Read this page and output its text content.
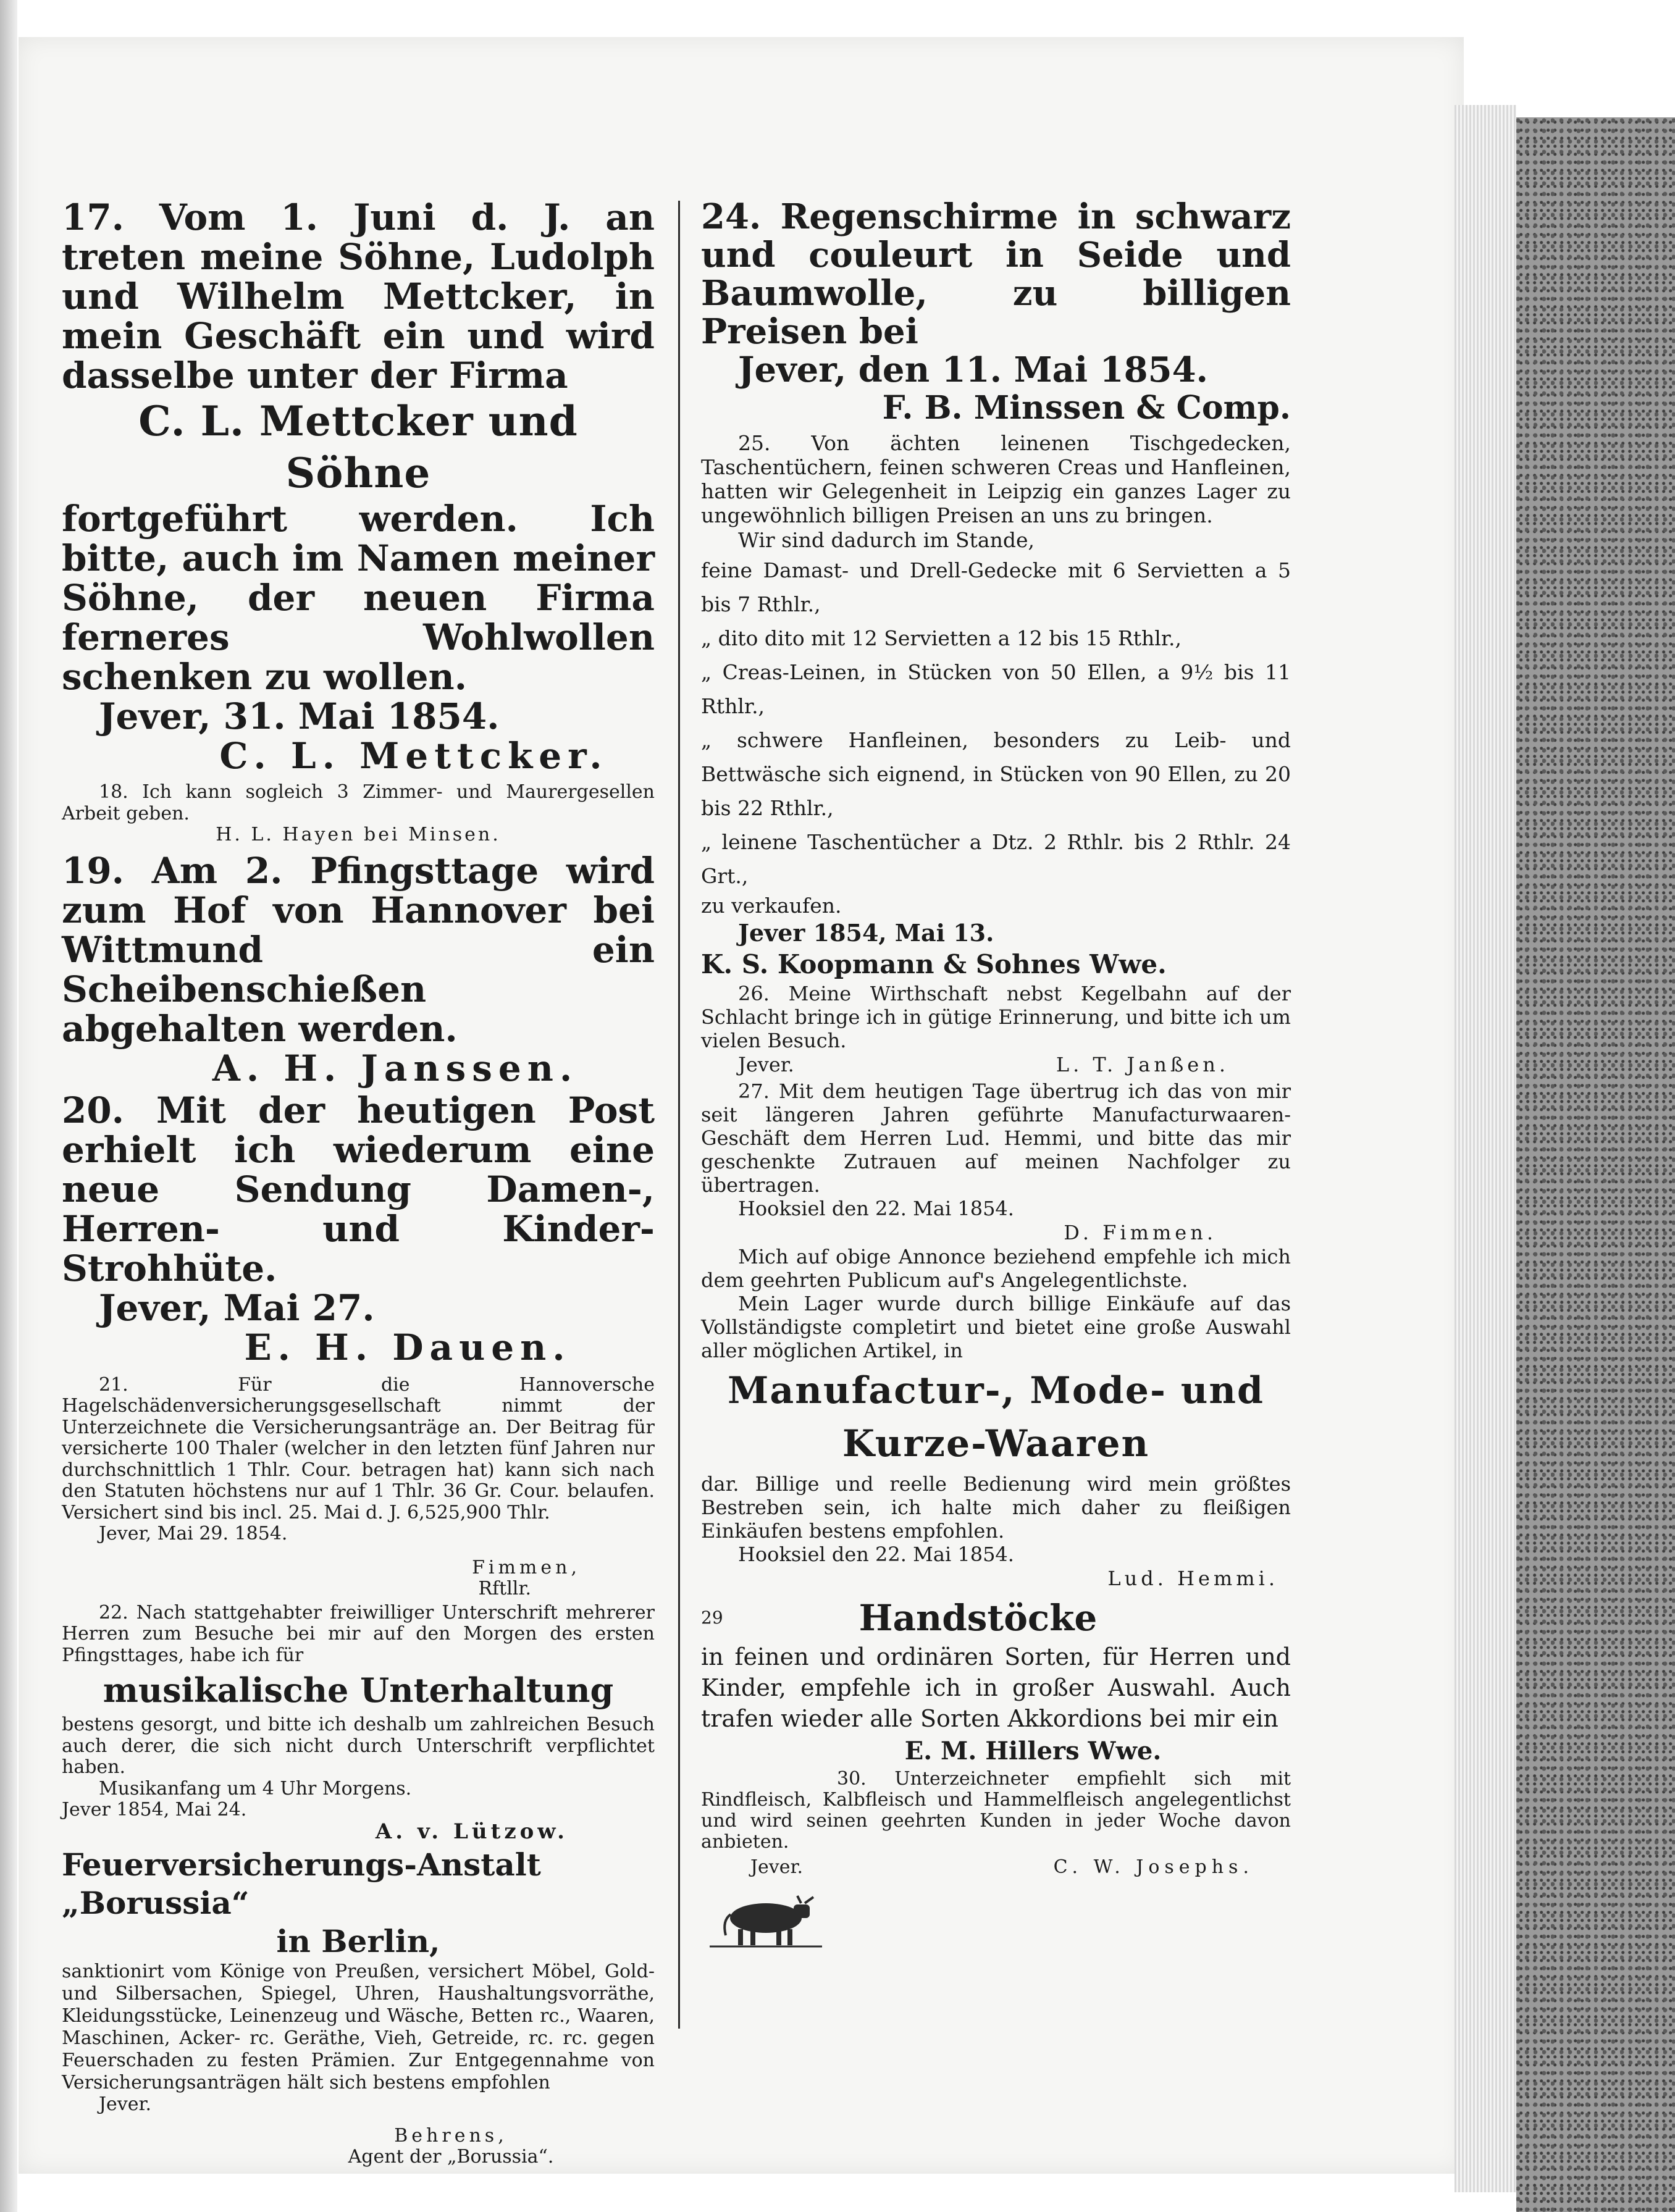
17. Vom 1. Juni d. J. an treten meine Söhne, Ludolph und Wilhelm Mettcker, in mein Geschäft ein und wird dasselbe unter der Firma

C. L. Mettcker und Söhne

fortgeführt werden. Ich bitte, auch im Namen meiner Söhne, der neuen Firma ferneres Wohlwollen schenken zu wollen.

Jever, 31. Mai 1854.

C. L. Mettcker.

18. Ich kann sogleich 3 Zimmer- und Maurergesellen Arbeit geben.

H. L. Hayen bei Minsen.

19. Am 2. Pfingsttage wird zum Hof von Hannover bei Wittmund ein Scheibenschießen abgehalten werden.

A. H. Janssen.

20. Mit der heutigen Post erhielt ich wiederum eine neue Sendung Damen-, Herren- und Kinder-Strohhüte.

Jever, Mai 27.

E. H. Dauen.

21. Für die Hannoversche Hagelschädenversicherungsgesellschaft nimmt der Unterzeichnete die Versicherungsanträge an. Der Beitrag für versicherte 100 Thaler (welcher in den letzten fünf Jahren nur durchschnittlich 1 Thlr. Cour. betragen hat) kann sich nach den Statuten höchstens nur auf 1 Thlr. 36 Gr. Cour. belaufen. Versichert sind bis incl. 25. Mai d. J. 6,525,900 Thlr.

Jever, Mai 29. 1854.

Fimmen,

Rftllr.

22. Nach stattgehabter freiwilliger Unterschrift mehrerer Herren zum Besuche bei mir auf den Morgen des ersten Pfingsttages, habe ich für

musikalische Unterhaltung

bestens gesorgt, und bitte ich deshalb um zahlreichen Besuch auch derer, die sich nicht durch Unterschrift verpflichtet haben.

Musikanfang um 4 Uhr Morgens.

Jever 1854, Mai 24.

A. v. Lützow.

Feuerversicherungs-Anstalt „Borussia“

in Berlin,

sanktionirt vom Könige von Preußen, versichert Möbel, Gold- und Silbersachen, Spiegel, Uhren, Haushaltungsvorräthe, Kleidungsstücke, Leinenzeug und Wäsche, Betten rc., Waaren, Maschinen, Acker- rc. Geräthe, Vieh, Getreide, rc. rc. gegen Feuerschaden zu festen Prämien. Zur Entgegennahme von Versicherungsanträgen hält sich bestens empfohlen

Jever.

Behrens,

Agent der „Borussia“.

24. Regenschirme in schwarz und couleurt in Seide und Baumwolle, zu billigen Preisen bei

Jever, den 11. Mai 1854.

F. B. Minssen & Comp.

25. Von ächten leinenen Tischgedecken, Taschentüchern, feinen schweren Creas und Hanfleinen, hatten wir Gelegenheit in Leipzig ein ganzes Lager zu ungewöhnlich billigen Preisen an uns zu bringen.

Wir sind dadurch im Stande,

feine Damast- und Drell-Gedecke mit 6 Servietten a 5 bis 7 Rthlr.,

„ dito dito mit 12 Servietten a 12 bis 15 Rthlr.,

„ Creas-Leinen, in Stücken von 50 Ellen, a 9½ bis 11 Rthlr.,

„ schwere Hanfleinen, besonders zu Leib- und Bettwäsche sich eignend, in Stücken von 90 Ellen, zu 20 bis 22 Rthlr.,

„ leinene Taschentücher a Dtz. 2 Rthlr. bis 2 Rthlr. 24 Grt.,

zu verkaufen.

Jever 1854, Mai 13.

K. S. Koopmann & Sohnes Wwe.

26. Meine Wirthschaft nebst Kegelbahn auf der Schlacht bringe ich in gütige Erinnerung, und bitte ich um vielen Besuch.

Jever.	L. T. Janßen.

27. Mit dem heutigen Tage übertrug ich das von mir seit längeren Jahren geführte Manufacturwaaren-Geschäft dem Herren Lud. Hemmi, und bitte das mir geschenkte Zutrauen auf meinen Nachfolger zu übertragen.

Hooksiel den 22. Mai 1854.

D. Fimmen.

Mich auf obige Annonce beziehend empfehle ich mich dem geehrten Publicum auf's Angelegentlichste.

Mein Lager wurde durch billige Einkäufe auf das Vollständigste completirt und bietet eine große Auswahl aller möglichen Artikel, in

Manufactur-, Mode- und

Kurze-Waaren

dar. Billige und reelle Bedienung wird mein größtes Bestreben sein, ich halte mich daher zu fleißigen Einkäufen bestens empfohlen.

Hooksiel den 22. Mai 1854.

Lud. Hemmi.

29	Handstöcke

in feinen und ordinären Sorten, für Herren und Kinder, empfehle ich in großer Auswahl. Auch trafen wieder alle Sorten Akkordions bei mir ein

E. M. Hillers Wwe.

30. Unterzeichneter empfiehlt sich mit Rindfleisch, Kalbfleisch und Hammelfleisch angelegentlichst und wird seinen geehrten Kunden in jeder Woche davon anbieten.

Jever.	C. W. Josephs.
